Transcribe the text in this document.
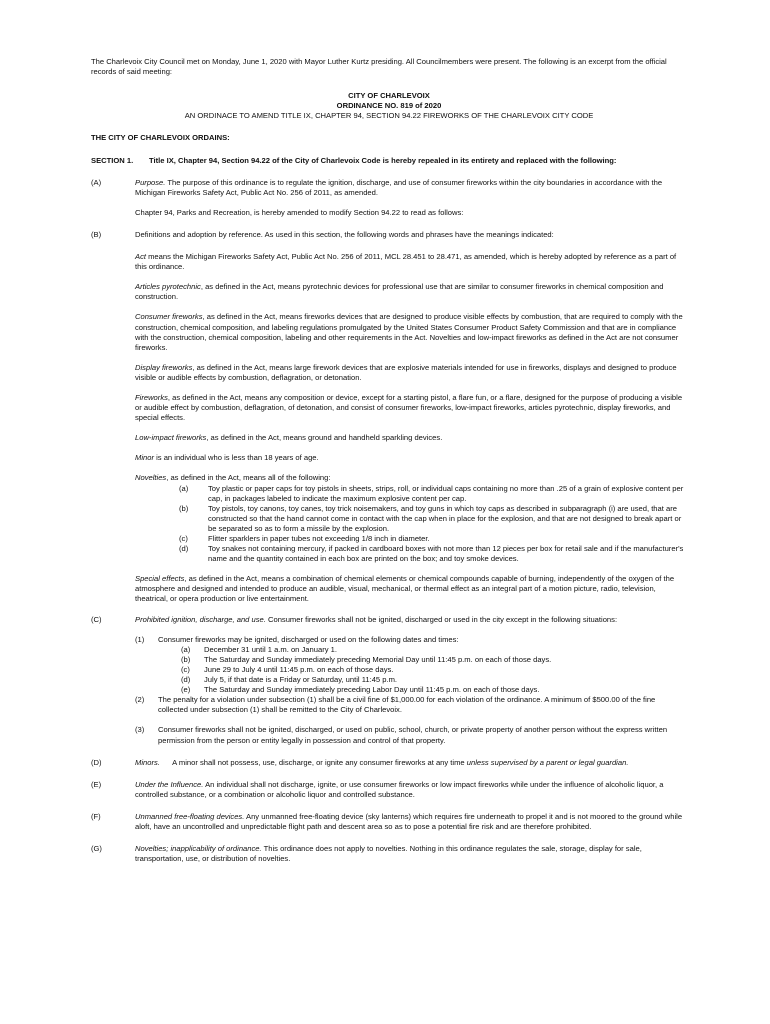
The Charlevoix City Council met on Monday, June 1, 2020 with Mayor Luther Kurtz presiding. All Councilmembers were present. The following is an excerpt from the official records of said meeting:

CITY OF CHARLEVOIX

ORDINANCE NO. 819 of 2020

AN ORDINACE TO AMEND TITLE IX, CHAPTER 94, SECTION 94.22 FIREWORKS OF THE CHARLEVOIX CITY CODE

THE CITY OF CHARLEVOIX ORDAINS:

SECTION 1.	Title IX, Chapter 94, Section 94.22 of the City of Charlevoix Code is hereby repealed in its entirety and replaced with the following:
(A)	Purpose. The purpose of this ordinance is to regulate the ignition, discharge, and use of consumer fireworks within the city boundaries in accordance with the Michigan Fireworks Safety Act, Public Act No. 256 of 2011, as amended.

Chapter 94, Parks and Recreation, is hereby amended to modify Section 94.22 to read as follows:

(B)	Definitions and adoption by reference. As used in this section, the following words and phrases have the meanings indicated:

Act means the Michigan Fireworks Safety Act, Public Act No. 256 of 2011, MCL 28.451 to 28.471, as amended, which is hereby adopted by reference as a part of this ordinance.

Articles pyrotechnic, as defined in the Act, means pyrotechnic devices for professional use that are similar to consumer fireworks in chemical composition and construction.

Consumer fireworks, as defined in the Act, means fireworks devices that are designed to produce visible effects by combustion, that are required to comply with the construction, chemical composition, and labeling regulations promulgated by the United States Consumer Product Safety Commission and that are in compliance with the construction, chemical composition, labeling and other requirements in the Act. Novelties and low-impact fireworks as defined in the Act are not consumer fireworks.

Display fireworks, as defined in the Act, means large firework devices that are explosive materials intended for use in fireworks, displays and designed to produce visible or audible effects by combustion, deflagration, or detonation.

Fireworks, as defined in the Act, means any composition or device, except for a starting pistol, a flare fun, or a flare, designed for the purpose of producing a visible or audible effect by combustion, deflagration, of detonation, and consist of consumer fireworks, low-impact fireworks, articles pyrotechnic, display fireworks, and special effects.

Low-impact fireworks, as defined in the Act, means ground and handheld sparkling devices.

Minor is an individual who is less than 18 years of age.

Novelties, as defined in the Act, means all of the following:

(a)	Toy plastic or paper caps for toy pistols in sheets, strips, roll, or individual caps containing no more than .25 of a grain of explosive content per cap, in packages labeled to indicate the maximum explosive content per cap.
(b)	Toy pistols, toy canons, toy canes, toy trick noisemakers, and toy guns in which toy caps as described in subparagraph (i) are used, that are constructed so that the hand cannot come in contact with the cap when in place for the explosion, and that are not designed to break apart or be separated so as to form a missile by the explosion.
(c)	Flitter sparklers in paper tubes not exceeding 1/8 inch in diameter.
(d)	Toy snakes not containing mercury, if packed in cardboard boxes with not more than 12 pieces per box for retail sale and if the manufacturer's name and the quantity contained in each box are printed on the box; and toy smoke devices.

Special effects, as defined in the Act, means a combination of chemical elements or chemical compounds capable of burning, independently of the oxygen of the atmosphere and designed and intended to produce an audible, visual, mechanical, or thermal effect as an integral part of a motion picture, radio, television, theatrical, or opera production or live entertainment.

(C)	Prohibited ignition, discharge, and use. Consumer fireworks shall not be ignited, discharged or used in the city except in the following situations:

(1)	Consumer fireworks may be ignited, discharged or used on the following dates and times:

(a)	December 31 until 1 a.m. on January 1.
(b)	The Saturday and Sunday immediately preceding Memorial Day until 11:45 p.m. on each of those days.
(c)	June 29 to July 4 until 11:45 p.m. on each of those days.
(d)	July 5, if that date is a Friday or Saturday, until 11:45 p.m.
(e)	The Saturday and Sunday immediately preceding Labor Day until 11:45 p.m. on each of those days.
(2)	The penalty for a violation under subsection (1) shall be a civil fine of $1,000.00 for each violation of the ordinance. A minimum of $500.00 of the fine collected under subsection (1) shall be remitted to the City of Charlevoix.
(3)	Consumer fireworks shall not be ignited, discharged, or used on public, school, church, or private property of another person without the express written permission from the person or entity legally in possession and control of that property.
(D)	Minors.      A minor shall not possess, use, discharge, or ignite any consumer fireworks at any time unless supervised by a parent or legal guardian.

(E)	Under the Influence. An individual shall not discharge, ignite, or use consumer fireworks or low impact fireworks while under the influence of alcoholic liquor, a controlled substance, or a combination or alcoholic liquor and controlled substance.

(F)	Unmanned free-floating devices. Any unmanned free-floating device (sky lanterns) which requires fire underneath to propel it and is not moored to the ground while aloft, have an uncontrolled and unpredictable flight path and descent area so as to pose a potential fire risk and are therefore prohibited.

(G)	Novelties; inapplicability of ordinance. This ordinance does not apply to novelties. Nothing in this ordinance regulates the sale, storage, display for sale, transportation, use, or distribution of novelties.
